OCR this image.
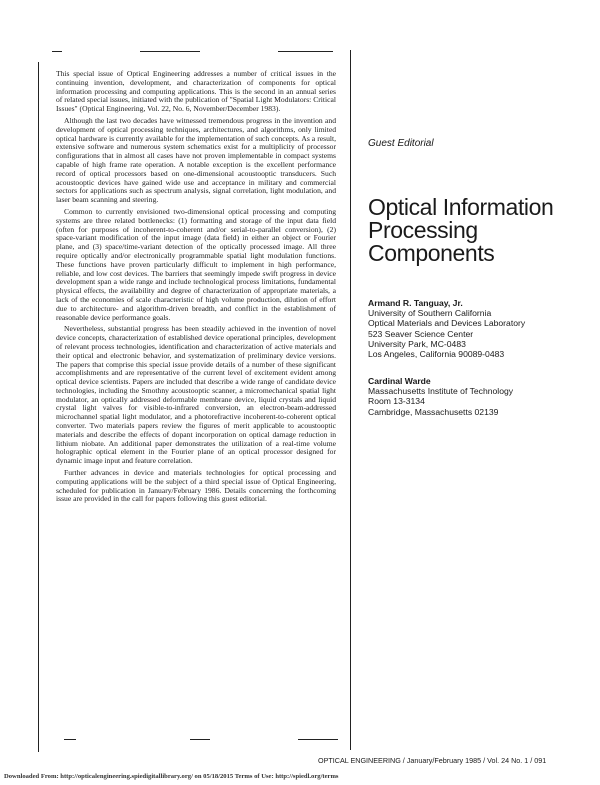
This special issue of Optical Engineering addresses a number of critical issues in the continuing invention, development, and characterization of components for optical information processing and computing applications. This is the second in an annual series of related special issues, initiated with the publication of "Spatial Light Modulators: Critical Issues" (Optical Engineering, Vol. 22, No. 6, November/December 1983).

Although the last two decades have witnessed tremendous progress in the invention and development of optical processing techniques, architectures, and algorithms, only limited optical hardware is currently available for the implementation of such concepts. As a result, extensive software and numerous system schematics exist for a multiplicity of processor configurations that in almost all cases have not proven implementable in compact systems capable of high frame rate operation. A notable exception is the excellent performance record of optical processors based on one-dimensional acoustooptic transducers. Such acoustooptic devices have gained wide use and acceptance in military and commercial sectors for applications such as spectrum analysis, signal correlation, light modulation, and laser beam scanning and steering.

Common to currently envisioned two-dimensional optical processing and computing systems are three related bottlenecks: (1) formatting and storage of the input data field (often for purposes of incoherent-to-coherent and/or serial-to-parallel conversion), (2) space-variant modification of the input image (data field) in either an object or Fourier plane, and (3) space/time-variant detection of the optically processed image. All three require optically and/or electronically programmable spatial light modulation functions. These functions have proven particularly difficult to implement in high performance, reliable, and low cost devices. The barriers that seemingly impede swift progress in device development span a wide range and include technological process limitations, fundamental physical effects, the availability and degree of characterization of appropriate materials, a lack of the economies of scale characteristic of high volume production, dilution of effort due to architecture- and algorithm-driven breadth, and conflict in the establishment of reasonable device performance goals.

Nevertheless, substantial progress has been steadily achieved in the invention of novel device concepts, characterization of established device operational principles, development of relevant process technologies, identification and characterization of active materials and their optical and electronic behavior, and systematization of preliminary device versions. The papers that comprise this special issue provide details of a number of these significant accomplishments and are representative of the current level of excitement evident among optical device scientists. Papers are included that describe a wide range of candidate device technologies, including the Smothny acoustooptic scanner, a micromechanical spatial light modulator, an optically addressed deformable membrane device, liquid crystals and liquid crystal light valves for visible-to-infrared conversion, an electron-beam-addressed microchannel spatial light modulator, and a photorefractive incoherent-to-coherent optical converter. Two materials papers review the figures of merit applicable to acoustooptic materials and describe the effects of dopant incorporation on optical damage reduction in lithium niobate. An additional paper demonstrates the utilization of a real-time volume holographic optical element in the Fourier plane of an optical processor designed for dynamic image input and feature correlation.

Further advances in device and materials technologies for optical processing and computing applications will be the subject of a third special issue of Optical Engineering, scheduled for publication in January/February 1986. Details concerning the forthcoming issue are provided in the call for papers following this guest editorial.

Guest Editorial
Optical Information
Processing
Components
Armand R. Tanguay, Jr.
University of Southern California
Optical Materials and Devices Laboratory
523 Seaver Science Center
University Park, MC-0483
Los Angeles, California 90089-0483
Cardinal Warde
Massachusetts Institute of Technology
Room 13-3134
Cambridge, Massachusetts 02139
OPTICAL ENGINEERING / January/February 1985 / Vol. 24 No. 1 / 091
Downloaded From: http://opticalengineering.spiedigitallibrary.org/ on 05/18/2015 Terms of Use: http://spiedl.org/terms
